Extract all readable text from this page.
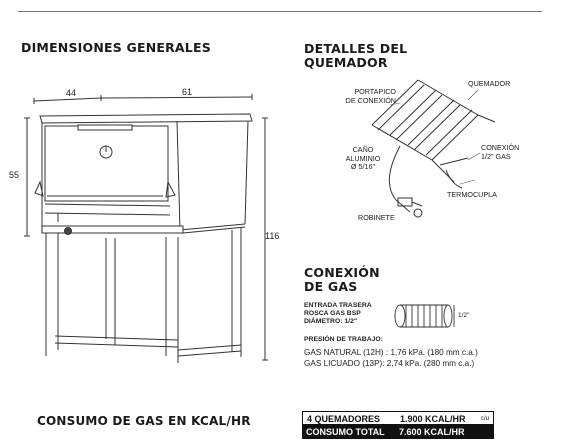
DIMENSIONES GENERALES
44	61
55
116
DETALLES DEL
QUEMADOR
PORTAPICO
DE CONEXIÓN
QUEMADOR
CAÑO
ALUMINIO
Ø 5/16"
CONEXIÓN
1/2" GAS
TERMOCUPLA
ROBINETE
CONEXIÓN
DE GAS
ENTRADA TRASERA
ROSCA GAS BSP
DIÁMETRO: 1/2"
1/2"
PRESIÓN DE TRABAJO:
GAS NATURAL (12H) : 1,76 kPa. (180 mm c.a.)
GAS LICUADO (13P): 2,74 kPa. (280 mm c.a.)
CONSUMO DE GAS EN KCAL/HR	4 QUEMADORES 1.900 KCAL/HR	c/u
CONSUMO TOTAL 7.600 KCAL/HR
